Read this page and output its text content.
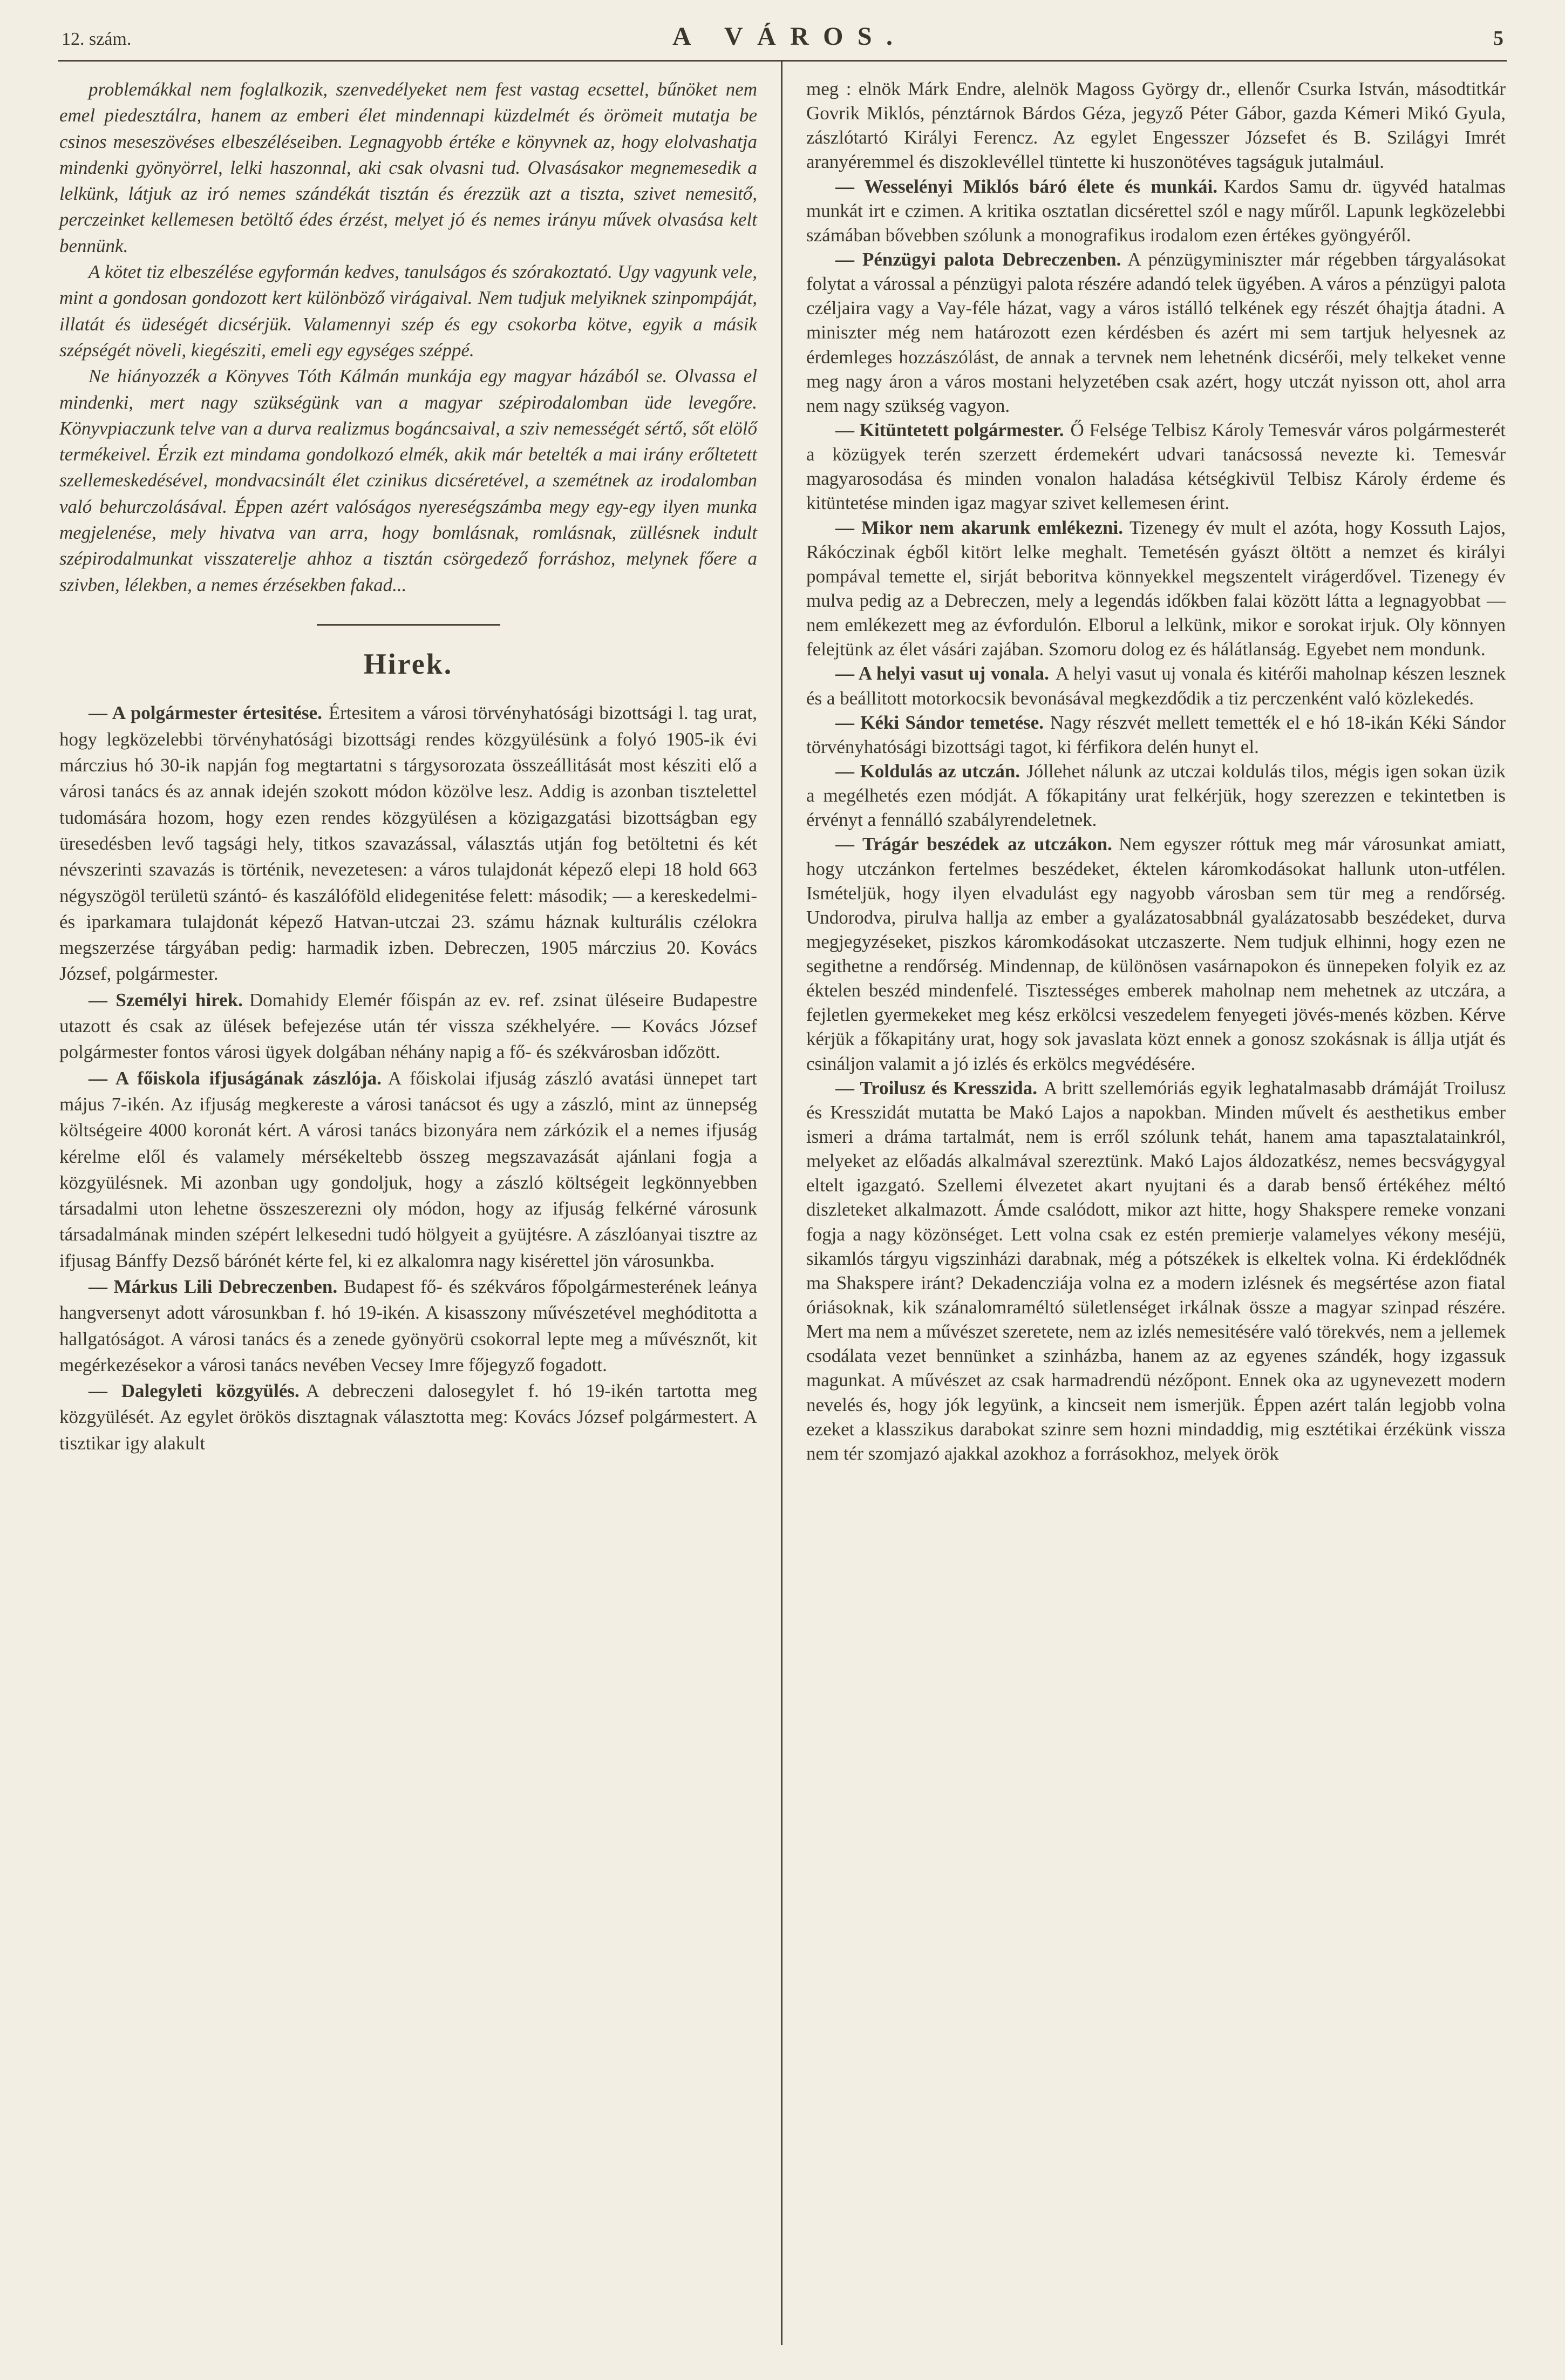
12. szám.	A VÁROS.	5

problemákkal nem foglalkozik, szenvedélyeket nem fest vastag ecsettel, bűnöket nem emel piedesztálra, hanem az emberi élet mindennapi küzdelmét és örömeit mutatja be csinos meseszövéses elbeszéléseiben. Legnagyobb értéke e könyvnek az, hogy elolvashatja mindenki gyönyörrel, lelki haszonnal, aki csak olvasni tud. Olvasásakor megnemesedik a lelkünk, látjuk az iró nemes szándékát tisztán és érezzük azt a tiszta, szivet nemesitő, perczeinket kellemesen betöltő édes érzést, melyet jó és nemes irányu művek olvasása kelt bennünk.

A kötet tiz elbeszélése egyformán kedves, tanulságos és szórakoztató. Ugy vagyunk vele, mint a gondosan gondozott kert különböző virágaival. Nem tudjuk melyiknek szinpompáját, illatát és üdeségét dicsérjük. Valamennyi szép és egy csokorba kötve, egyik a másik szépségét növeli, kiegésziti, emeli egy egységes széppé.

Ne hiányozzék a Könyves Tóth Kálmán munkája egy magyar házából se. Olvassa el mindenki, mert nagy szükségünk van a magyar szépirodalomban üde levegőre. Könyvpiaczunk telve van a durva realizmus bogáncsaival, a sziv nemességét sértő, sőt elölő termékeivel. Érzik ezt mindama gondolkozó elmék, akik már betelték a mai irány erőltetett szellemeskedésével, mondvacsinált élet czinikus dicséretével, a szemétnek az irodalomban való behurczolásával. Éppen azért valóságos nyereségszámba megy egy-egy ilyen munka megjelenése, mely hivatva van arra, hogy bomlásnak, romlásnak, züllésnek indult szépirodalmunkat visszaterelje ahhoz a tisztán csörgedező forráshoz, melynek főere a szivben, lélekben, a nemes érzésekben fakad...

Hirek.

— A polgármester értesitése. Értesitem a városi törvényhatósági bizottsági l. tag urat, hogy legközelebbi törvényhatósági bizottsági rendes közgyülésünk a folyó 1905-ik évi márczius hó 30-ik napján fog megtartatni s tárgysorozata összeállitását most késziti elő a városi tanács és az annak idején szokott módon közölve lesz. Addig is azonban tisztelettel tudomására hozom, hogy ezen rendes közgyülésen a közigazgatási bizottságban egy üresedésben levő tagsági hely, titkos szavazással, választás utján fog betöltetni és két névszerinti szavazás is történik, nevezetesen: a város tulajdonát képező elepi 18 hold 663 négyszögöl területü szántó- és kaszálóföld elidegenitése felett: második; — a kereskedelmi- és iparkamara tulajdonát képező Hatvan-utczai 23. számu háznak kulturális czélokra megszerzése tárgyában pedig: harmadik izben. Debreczen, 1905 márczius 20. Kovács József, polgármester.

— Személyi hirek. Domahidy Elemér főispán az ev. ref. zsinat üléseire Budapestre utazott és csak az ülések befejezése után tér vissza székhelyére. — Kovács József polgármester fontos városi ügyek dolgában néhány napig a fő- és székvárosban időzött.

— A főiskola ifjuságának zászlója. A főiskolai ifjuság zászló avatási ünnepet tart május 7-ikén. Az ifjuság megkereste a városi tanácsot és ugy a zászló, mint az ünnepség költségeire 4000 koronát kért. A városi tanács bizonyára nem zárkózik el a nemes ifjuság kérelme elől és valamely mérsékeltebb összeg megszavazását ajánlani fogja a közgyülésnek. Mi azonban ugy gondoljuk, hogy a zászló költségeit legkönnyebben társadalmi uton lehetne összeszerezni oly módon, hogy az ifjuság felkérné városunk társadalmának minden szépért lelkesedni tudó hölgyeit a gyüjtésre. A zászlóanyai tisztre az ifjusag Bánffy Dezső bárónét kérte fel, ki ez alkalomra nagy kisérettel jön városunkba.

— Márkus Lili Debreczenben. Budapest fő- és székváros főpolgármesterének leánya hangversenyt adott városunkban f. hó 19-ikén. A kisasszony művészetével meghóditotta a hallgatóságot. A városi tanács és a zenede gyönyörü csokorral lepte meg a művésznőt, kit megérkezésekor a városi tanács nevében Vecsey Imre főjegyző fogadott.

— Dalegyleti közgyülés. A debreczeni dalosegylet f. hó 19-ikén tartotta meg közgyülését. Az egylet örökös disztagnak választotta meg: Kovács József polgármestert. A tisztikar igy alakult

meg : elnök Márk Endre, alelnök Magoss György dr., ellenőr Csurka István, másodtitkár Govrik Miklós, pénztárnok Bárdos Géza, jegyző Péter Gábor, gazda Kémeri Mikó Gyula, zászlótartó Királyi Ferencz. Az egylet Engesszer Józsefet és B. Szilágyi Imrét aranyéremmel és diszoklevéllel tüntette ki huszonötéves tagságuk jutalmául.

— Wesselényi Miklós báró élete és munkái. Kardos Samu dr. ügyvéd hatalmas munkát irt e czimen. A kritika osztatlan dicsérettel szól e nagy műről. Lapunk legközelebbi számában bővebben szólunk a monografikus irodalom ezen értékes gyöngyéről.

— Pénzügyi palota Debreczenben. A pénzügyminiszter már régebben tárgyalásokat folytat a várossal a pénzügyi palota részére adandó telek ügyében. A város a pénzügyi palota czéljaira vagy a Vay-féle házat, vagy a város istálló telkének egy részét óhajtja átadni. A miniszter még nem határozott ezen kérdésben és azért mi sem tartjuk helyesnek az érdemleges hozzászólást, de annak a tervnek nem lehetnénk dicsérői, mely telkeket venne meg nagy áron a város mostani helyzetében csak azért, hogy utczát nyisson ott, ahol arra nem nagy szükség vagyon.

— Kitüntetett polgármester. Ő Felsége Telbisz Károly Temesvár város polgármesterét a közügyek terén szerzett érdemekért udvari tanácsossá nevezte ki. Temesvár magyarosodása és minden vonalon haladása kétségkivül Telbisz Károly érdeme és kitüntetése minden igaz magyar szivet kellemesen érint.

— Mikor nem akarunk emlékezni. Tizenegy év mult el azóta, hogy Kossuth Lajos, Rákóczinak égből kitört lelke meghalt. Temetésén gyászt öltött a nemzet és királyi pompával temette el, sirját beboritva könnyekkel megszentelt virágerdővel. Tizenegy év mulva pedig az a Debreczen, mely a legendás időkben falai között látta a legnagyobbat — nem emlékezett meg az évfordulón. Elborul a lelkünk, mikor e sorokat irjuk. Oly könnyen felejtünk az élet vásári zajában. Szomoru dolog ez és hálátlanság. Egyebet nem mondunk.

— A helyi vasut uj vonala. A helyi vasut uj vonala és kitérői maholnap készen lesznek és a beállitott motorkocsik bevonásával megkezdődik a tiz perczenként való közlekedés.

— Kéki Sándor temetése. Nagy részvét mellett temették el e hó 18-ikán Kéki Sándor törvényhatósági bizottsági tagot, ki férfikora delén hunyt el.

— Koldulás az utczán. Jóllehet nálunk az utczai koldulás tilos, mégis igen sokan üzik a megélhetés ezen módját. A főkapitány urat felkérjük, hogy szerezzen e tekintetben is érvényt a fennálló szabályrendeletnek.

— Trágár beszédek az utczákon. Nem egyszer róttuk meg már városunkat amiatt, hogy utczánkon fertelmes beszédeket, éktelen káromkodásokat hallunk uton-utfélen. Ismételjük, hogy ilyen elvadulást egy nagyobb városban sem tür meg a rendőrség. Undorodva, pirulva hallja az ember a gyalázatosabbnál gyalázatosabb beszédeket, durva megjegyzéseket, piszkos káromkodásokat utczaszerte. Nem tudjuk elhinni, hogy ezen ne segithetne a rendőrség. Mindennap, de különösen vasárnapokon és ünnepeken folyik ez az éktelen beszéd mindenfelé. Tisztességes emberek maholnap nem mehetnek az utczára, a fejletlen gyermekeket meg kész erkölcsi veszedelem fenyegeti jövés-menés közben. Kérve kérjük a főkapitány urat, hogy sok javaslata közt ennek a gonosz szokásnak is állja utját és csináljon valamit a jó izlés és erkölcs megvédésére.

— Troilusz és Kresszida. A britt szellemóriás egyik leghatalmasabb drámáját Troilusz és Kresszidát mutatta be Makó Lajos a napokban. Minden művelt és aesthetikus ember ismeri a dráma tartalmát, nem is erről szólunk tehát, hanem ama tapasztalatainkról, melyeket az előadás alkalmával szereztünk. Makó Lajos áldozatkész, nemes becsvágygyal eltelt igazgató. Szellemi élvezetet akart nyujtani és a darab benső értékéhez méltó diszleteket alkalmazott. Ámde csalódott, mikor azt hitte, hogy Shakspere remeke vonzani fogja a nagy közönséget. Lett volna csak ez estén premierje valamelyes vékony meséjü, sikamlós tárgyu vigszinházi darabnak, még a pótszékek is elkeltek volna. Ki érdeklődnék ma Shakspere iránt? Dekadencziája volna ez a modern izlésnek és megsértése azon fiatal óriásoknak, kik szánalomraméltó sületlenséget irkálnak össze a magyar szinpad részére. Mert ma nem a művészet szeretete, nem az izlés nemesitésére való törekvés, nem a jellemek csodálata vezet bennünket a szinházba, hanem az az egyenes szándék, hogy izgassuk magunkat. A művészet az csak harmadrendü nézőpont. Ennek oka az ugynevezett modern nevelés és, hogy jók legyünk, a kincseit nem ismerjük. Éppen azért talán legjobb volna ezeket a klasszikus darabokat szinre sem hozni mindaddig, mig esztétikai érzékünk vissza nem tér szomjazó ajakkal azokhoz a forrásokhoz, melyek örök
